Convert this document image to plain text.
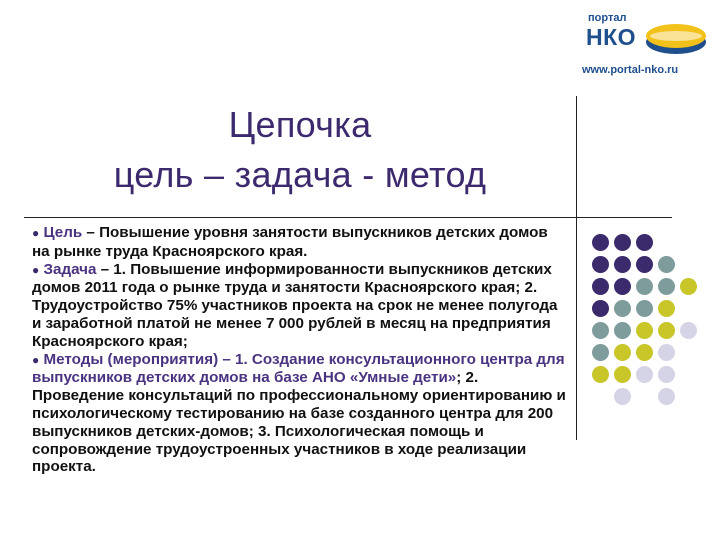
портал
НКО
www.portal-nko.ru
Цепочка
цель – задача - метод

● Цель – Повышение уровня занятости выпускников детских домов на рынке труда Красноярского края.

● Задача – 1. Повышение информированности выпускников детских домов 2011 года о рынке труда и занятости Красноярского края; 2. Трудоустройство 75% участников проекта на срок не менее полугода и заработной платой не менее 7 000 рублей в месяц на предприятия Красноярского края;

● Методы (мероприятия) – 1. Создание консультационного центра для выпускников детских домов на базе АНО «Умные дети»; 2. Проведение консультаций по профессиональному ориентированию и психологическому тестированию на базе созданного центра для 200 выпускников детских-домов; 3. Психологическая помощь и сопровождение трудоустроенных участников в ходе реализации проекта.
